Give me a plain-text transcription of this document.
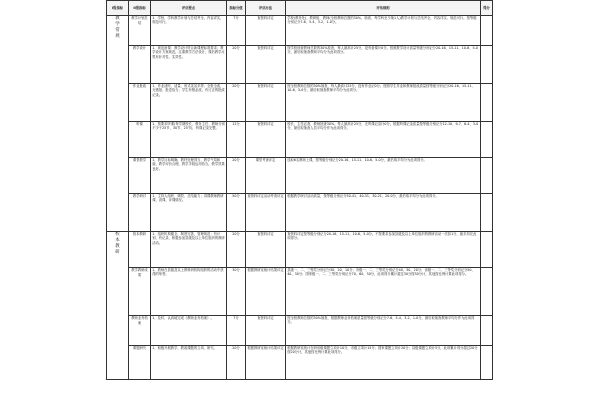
I级指标	II级指标	评估要点	指标分值	评估办法	评估细则	得分

教学常规	教学计划总结	1、学校、学科教学计划与总结齐全，内容详实，规范可行。	7分	查资料评定	学校(教务处)、教研组、教师(全校教师总数的30%，抽查，每学科至少抽1人)教学计划与总结齐全，内容详实、规范可行。按等级分别记分7-6、5-4、3-2、1-0分。	
	教学设计	1、规范备课：教学设计符合新课程标准要求；教学设计方案规范，注重教学方法设计，课后教学反思有针对性、实效性。	20分	查资料评定	按学校抽查教师总数的30%检查，每人最高计25分，没有备课计0分。按照教学设计质量等级分别记分20-16、15-11、10-6、5-0分，最后取抽查教师平均分为此项得分。	
	作业批改	1、作业适时、适量，形式灵活多样；全批全改，无错批、批语恰当；学生有错必改，有订正的批改记录。	20分	查资料评定	按全校教师总数的30%抽查，每人最高计25分，没有作业记0分。按照学生作业和教师批改质量按等级分别记分20-16、15-11、10-6、5-0分，最后取抽查教师平均分为此项分。	
	听课	1、按要求听课(每学期校长、教务主任、教师分别不少于25节、30节、25节)，听课记录完整。	12分	查资料评定	校长、主任必查，教师抽查30%。每人最高计25分，无听课记录计0分。根据听课记录质量按等级分别记分12-10、9-7、6-4、3-0分，最后取抽查人员平均分作为此项得分。	
	课堂教学	1、教学目标明确，教材处理得当，教学气氛和谐，教学评价合理，教学手段运用恰当，教学效果良好。	20分	课堂考查评定	选取6名教师上课，按等级分别记分20-16、15-11、10-6、5-0分，最后取平均分为此项得分。	
	教学研讨	1、主持人组织、调控、总结能力；讲课教师教研课、说课、评课情况。	50分	查资料评定活动考查评定	根据教学研讨活动质量，按等级分别记分50-41、40-31、30-21、20-0分，最后取平均分为此项得分。	

校本教研	校本教研	1、组织机构健全，制度完善，管理规范；有计划、有记录、积极参加县级及以上单位组织的教研活动。	20分	查资料评定	查资料评定按等级分别记分20-16、15-11、10-6、5-0分。不按要求参加县级及以上单位组织的教研活动一次扣1分，最多扣完此项得分。	
	教学教研成果	1、教师在县级及以上教科研机构组织的活动中获得的荣誉。	30分	根据教研室统计结果评定	县级一、二、三等奖分别记分30、20、10分；市级一、二、三等奖分别记分40、30、20分；省级一、二、三等奖分别记分50、40、30分；国家级一、二、三等奖分别记分70、60、50分，此项得分累计超过30分按30分计，其他按比例计算此项得分。	
	教师业务档案	1、及时、认真地完成《教师业务档案》。	7分	查资料评定	按全校教师总数的30%抽查，根据教师业务档案质量按等级分别记分7-6、5-4、3-2、1-0分，最后取抽查教师平均分作为此项得分。	
	课题研究	1、积极开展教学、教改课题的立项、研究。	20分	根据教研室统计结果评定	根据教研室统计在研省级课题立项计10分，市级立项计15分；国家课题立项计20分；县级课题立项计5分，此项累计得分超过20分按20分计，其他按比例计算此项得分。	
